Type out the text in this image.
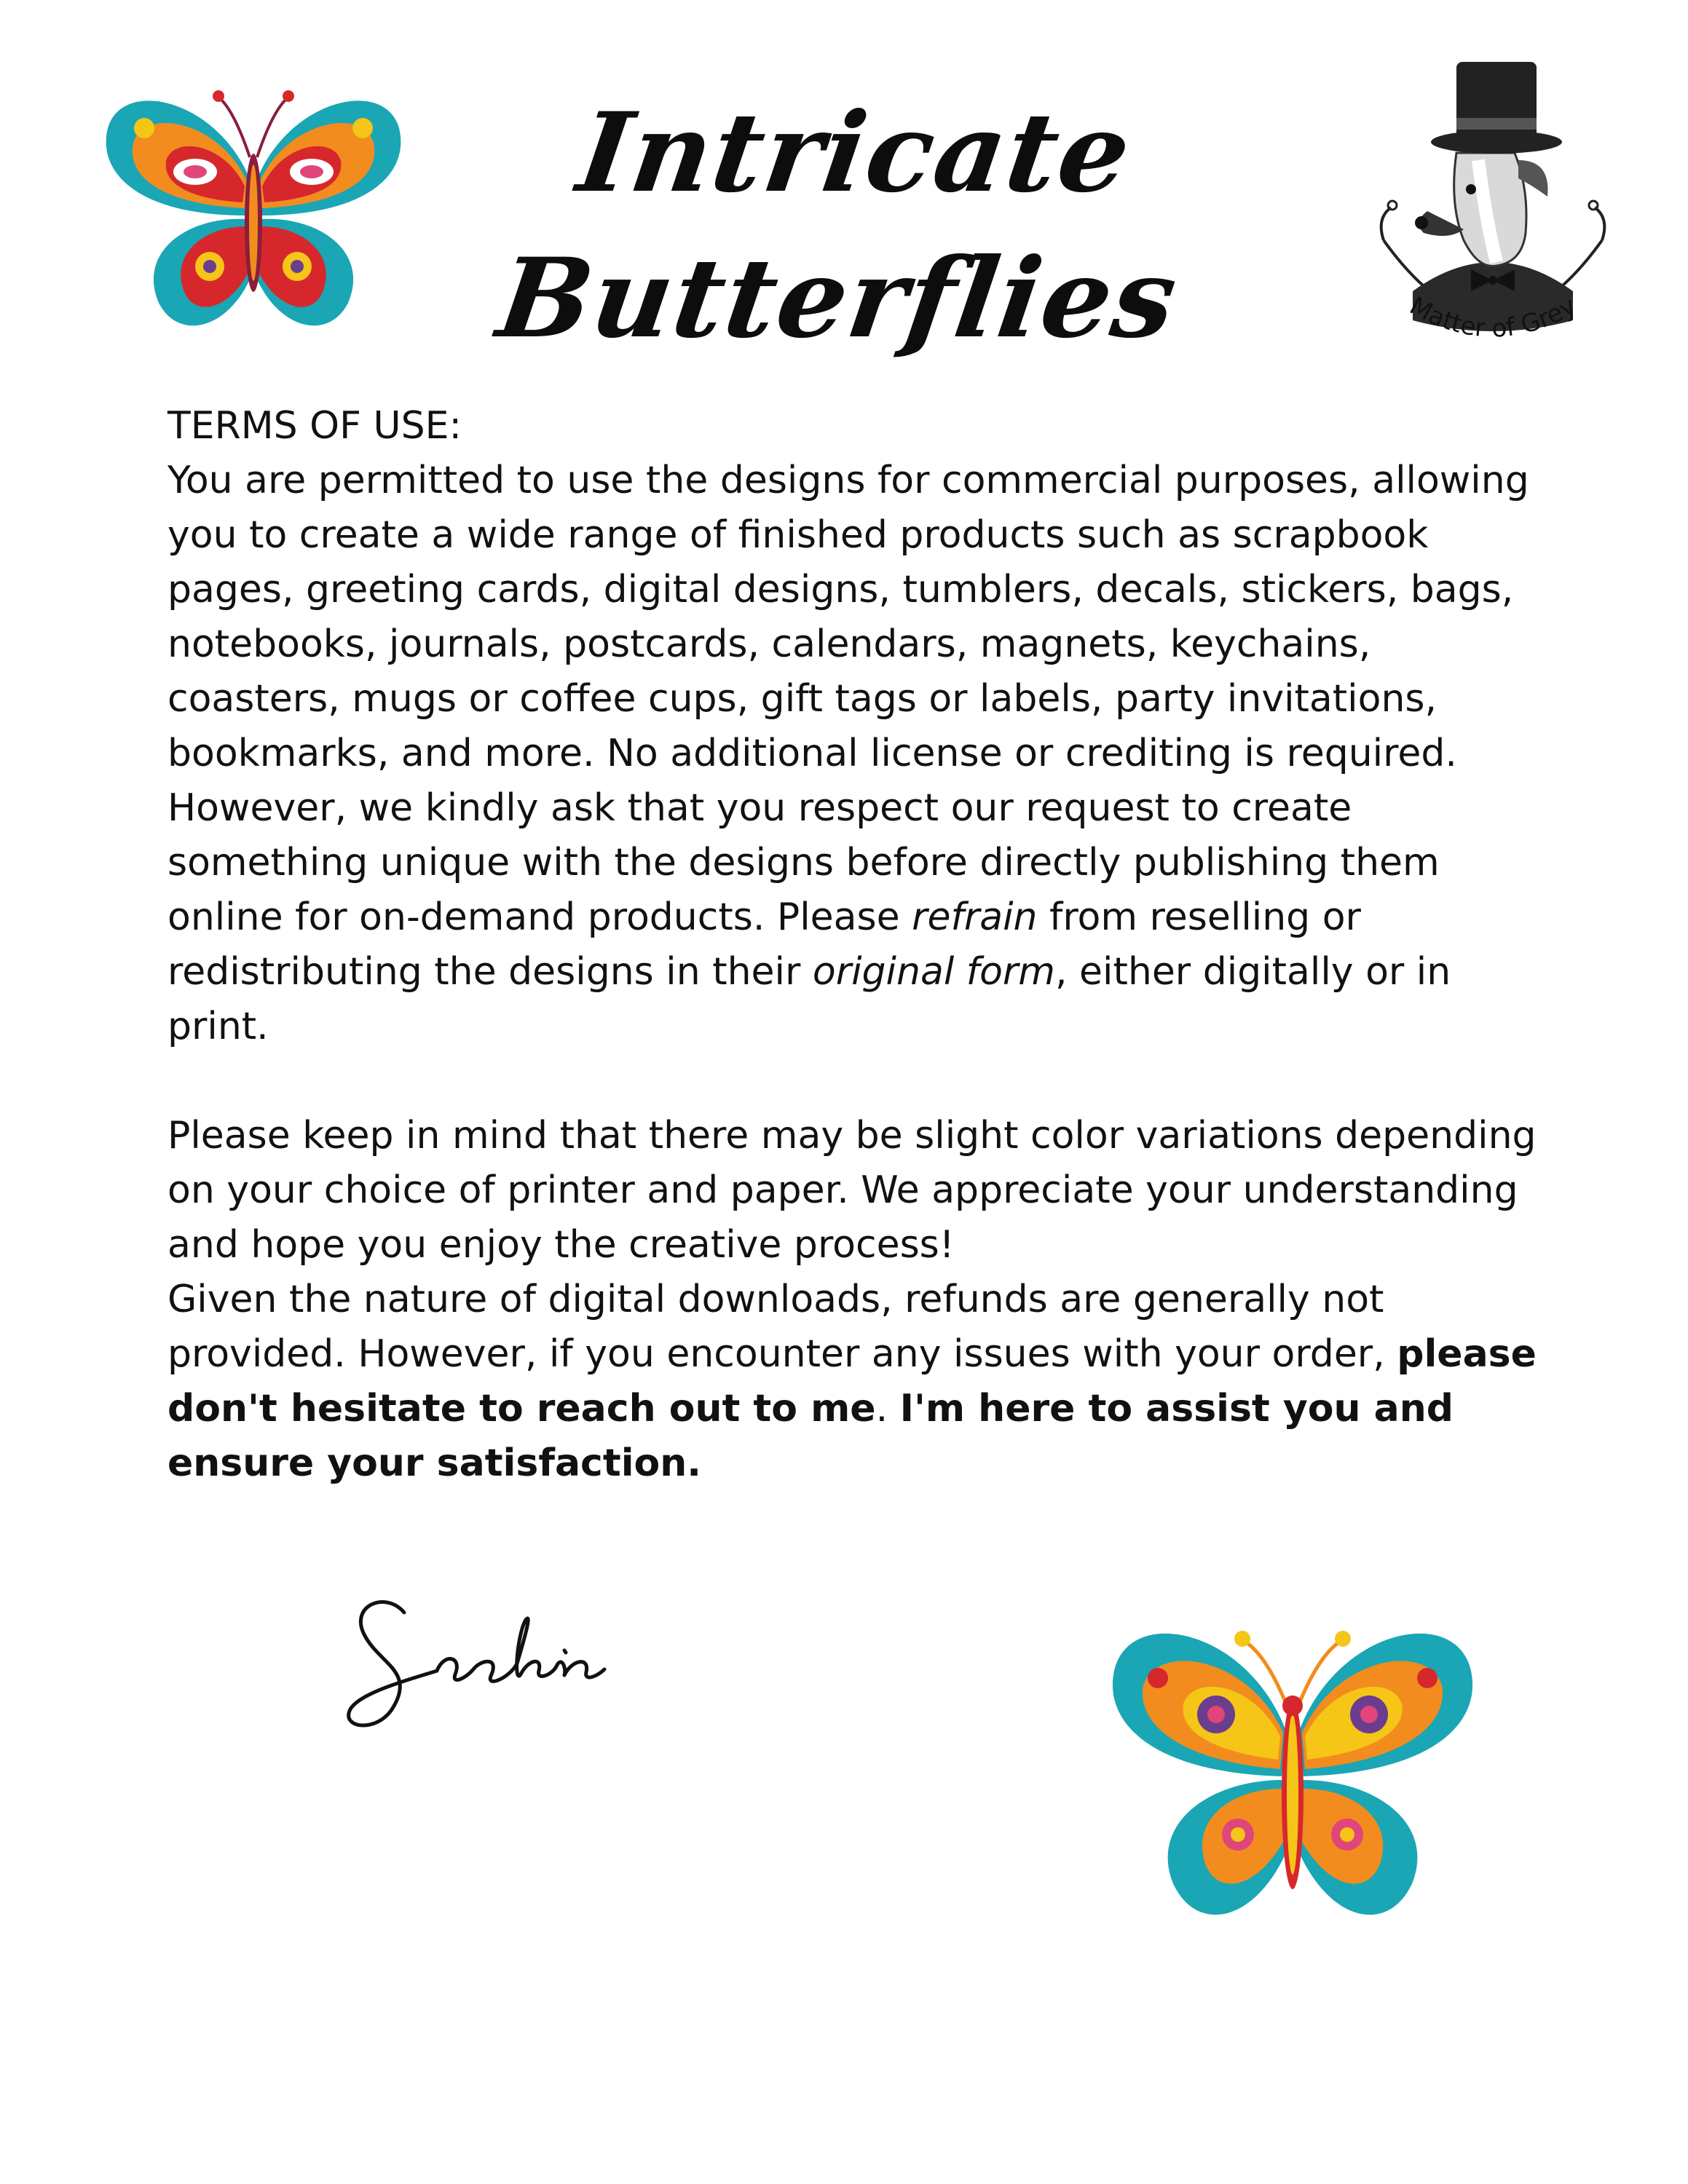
Intricate
Butterflies	Matter of Grey

TERMS OF USE:

You are permitted to use the designs for commercial purposes, allowing you to create a wide range of finished products such as scrapbook pages, greeting cards, digital designs, tumblers, decals, stickers, bags, notebooks, journals, postcards, calendars, magnets, keychains, coasters, mugs or coffee cups, gift tags or labels, party invitations, bookmarks, and more. No additional license or crediting is required. However, we kindly ask that you respect our request to create something unique with the designs before directly publishing them online for on-demand products. Please refrain from reselling or redistributing the designs in their original form, either digitally or in print.

Please keep in mind that there may be slight color variations depending on your choice of printer and paper. We appreciate your understanding and hope you enjoy the creative process!

Given the nature of digital downloads, refunds are generally not provided. However, if you encounter any issues with your order, please don't hesitate to reach out to me. I'm here to assist you and ensure your satisfaction.
